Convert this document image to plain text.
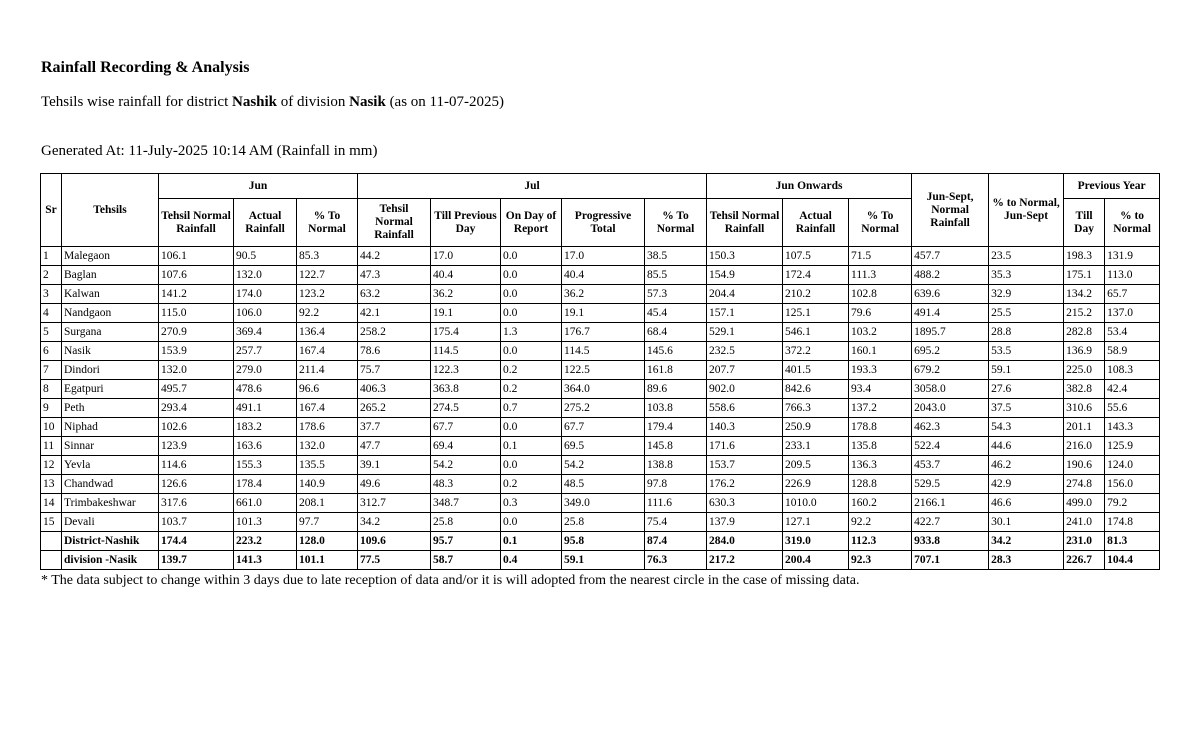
Rainfall Recording & Analysis
Tehsils wise rainfall for district Nashik of division Nasik (as on 11-07-2025)
Generated At: 11-July-2025 10:14 AM (Rainfall in mm)
Sr	Tehsils	Jun			Jul					Jun Onwards			Jun-Sept, Normal Rainfall	% to Normal, Jun-Sept	Previous Year	
		Tehsil Normal Rainfall	Actual Rainfall	% To Normal	Tehsil Normal Rainfall	Till Previous Day	On Day of Report	Progressive Total	% To Normal	Tehsil Normal Rainfall	Actual Rainfall	% To Normal			Till Day	% to Normal
1	Malegaon	106.1	90.5	85.3	44.2	17.0	0.0	17.0	38.5	150.3	107.5	71.5	457.7	23.5	198.3	131.9
2	Baglan	107.6	132.0	122.7	47.3	40.4	0.0	40.4	85.5	154.9	172.4	111.3	488.2	35.3	175.1	113.0
3	Kalwan	141.2	174.0	123.2	63.2	36.2	0.0	36.2	57.3	204.4	210.2	102.8	639.6	32.9	134.2	65.7
4	Nandgaon	115.0	106.0	92.2	42.1	19.1	0.0	19.1	45.4	157.1	125.1	79.6	491.4	25.5	215.2	137.0
5	Surgana	270.9	369.4	136.4	258.2	175.4	1.3	176.7	68.4	529.1	546.1	103.2	1895.7	28.8	282.8	53.4
6	Nasik	153.9	257.7	167.4	78.6	114.5	0.0	114.5	145.6	232.5	372.2	160.1	695.2	53.5	136.9	58.9
7	Dindori	132.0	279.0	211.4	75.7	122.3	0.2	122.5	161.8	207.7	401.5	193.3	679.2	59.1	225.0	108.3
8	Egatpuri	495.7	478.6	96.6	406.3	363.8	0.2	364.0	89.6	902.0	842.6	93.4	3058.0	27.6	382.8	42.4
9	Peth	293.4	491.1	167.4	265.2	274.5	0.7	275.2	103.8	558.6	766.3	137.2	2043.0	37.5	310.6	55.6
10	Niphad	102.6	183.2	178.6	37.7	67.7	0.0	67.7	179.4	140.3	250.9	178.8	462.3	54.3	201.1	143.3
11	Sinnar	123.9	163.6	132.0	47.7	69.4	0.1	69.5	145.8	171.6	233.1	135.8	522.4	44.6	216.0	125.9
12	Yevla	114.6	155.3	135.5	39.1	54.2	0.0	54.2	138.8	153.7	209.5	136.3	453.7	46.2	190.6	124.0
13	Chandwad	126.6	178.4	140.9	49.6	48.3	0.2	48.5	97.8	176.2	226.9	128.8	529.5	42.9	274.8	156.0
14	Trimbakeshwar	317.6	661.0	208.1	312.7	348.7	0.3	349.0	111.6	630.3	1010.0	160.2	2166.1	46.6	499.0	79.2
15	Devali	103.7	101.3	97.7	34.2	25.8	0.0	25.8	75.4	137.9	127.1	92.2	422.7	30.1	241.0	174.8
	District-Nashik	174.4	223.2	128.0	109.6	95.7	0.1	95.8	87.4	284.0	319.0	112.3	933.8	34.2	231.0	81.3
	division -Nasik	139.7	141.3	101.1	77.5	58.7	0.4	59.1	76.3	217.2	200.4	92.3	707.1	28.3	226.7	104.4
* The data subject to change within 3 days due to late reception of data and/or it is will adopted from the nearest circle in the case of missing data.
